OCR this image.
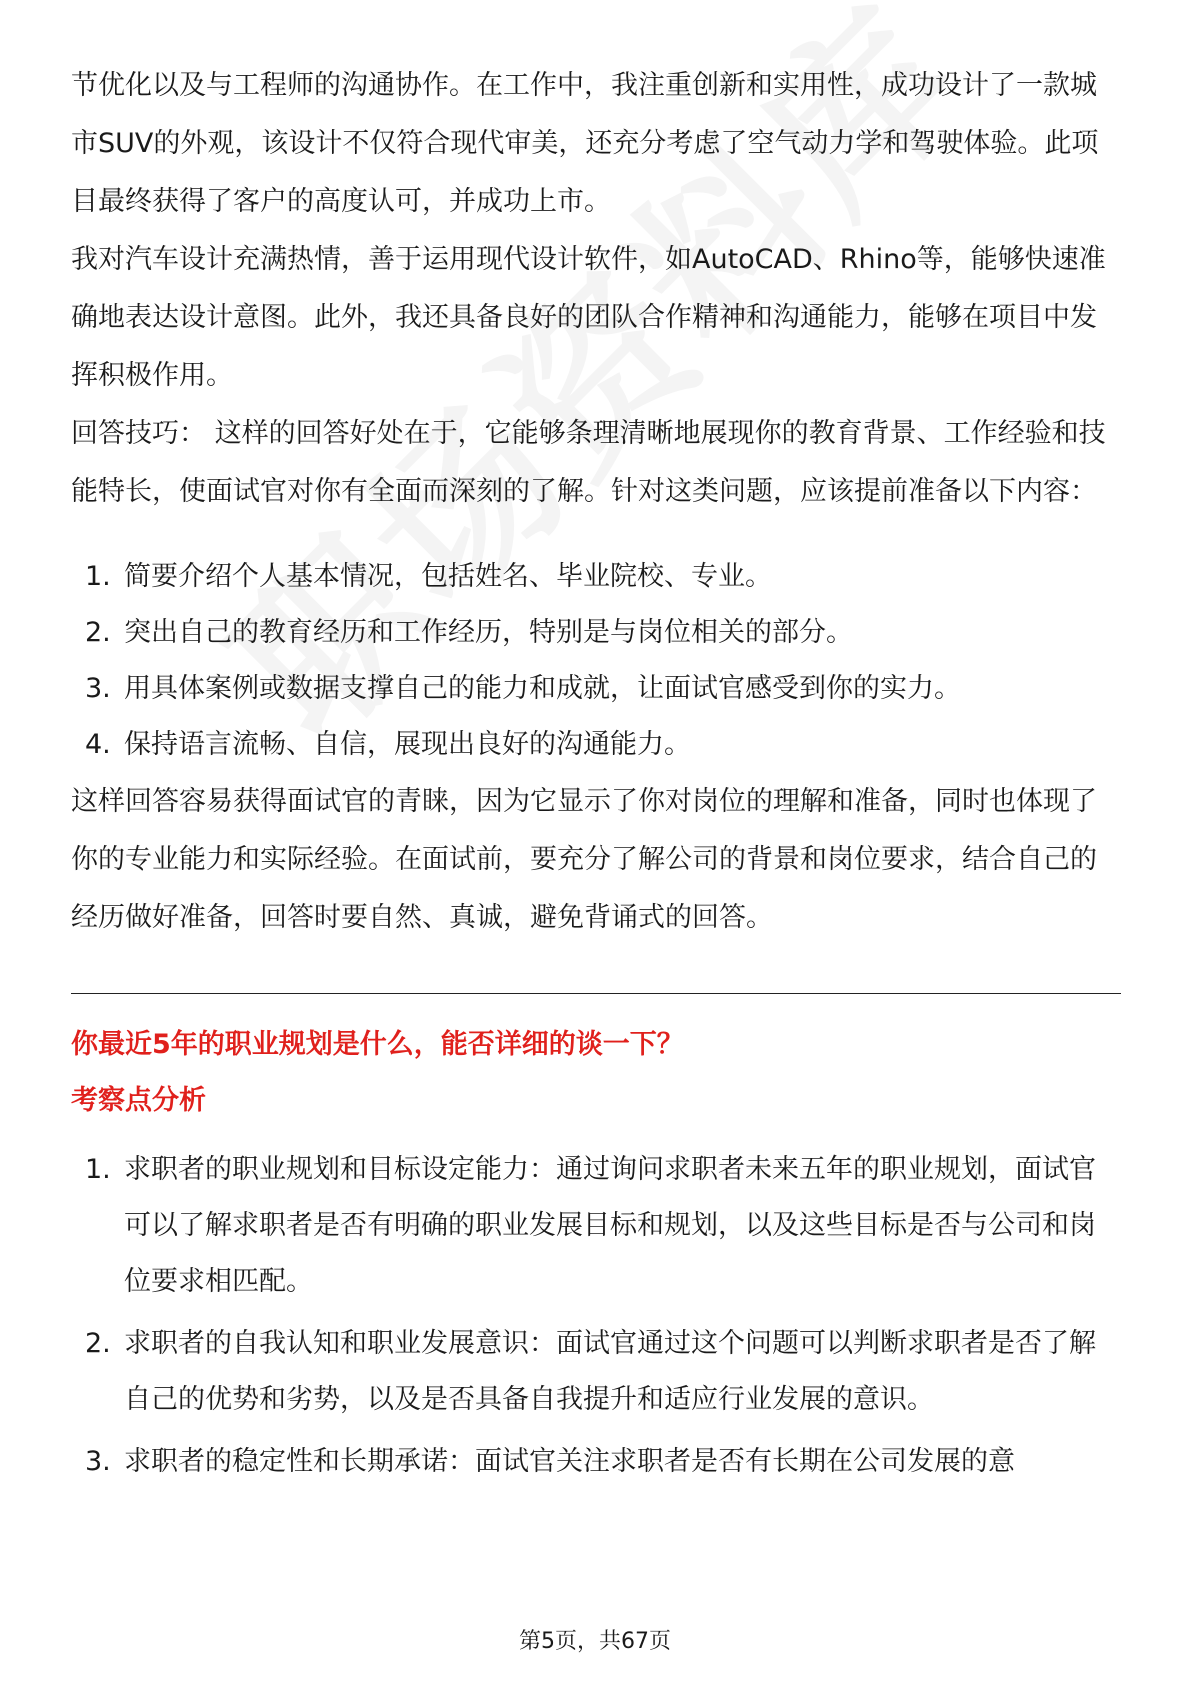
节优化以及与工程师的沟通协作。在工作中，我注重创新和实用性，成功设计了一款城市SUV的外观，该设计不仅符合现代审美，还充分考虑了空气动力学和驾驶体验。此项目最终获得了客户的高度认可，并成功上市。

我对汽车设计充满热情，善于运用现代设计软件，如AutoCAD、Rhino等，能够快速准确地表达设计意图。此外，我还具备良好的团队合作精神和沟通能力，能够在项目中发挥积极作用。

回答技巧： 这样的回答好处在于，它能够条理清晰地展现你的教育背景、工作经验和技能特长，使面试官对你有全面而深刻的了解。针对这类问题，应该提前准备以下内容：

1. 简要介绍个人基本情况，包括姓名、毕业院校、专业。
2. 突出自己的教育经历和工作经历，特别是与岗位相关的部分。
3. 用具体案例或数据支撑自己的能力和成就，让面试官感受到你的实力。
4. 保持语言流畅、自信，展现出良好的沟通能力。

这样回答容易获得面试官的青睐，因为它显示了你对岗位的理解和准备，同时也体现了你的专业能力和实际经验。在面试前，要充分了解公司的背景和岗位要求，结合自己的经历做好准备，回答时要自然、真诚，避免背诵式的回答。

你最近5年的职业规划是什么，能否详细的谈一下？
考察点分析
1. 求职者的职业规划和目标设定能力：通过询问求职者未来五年的职业规划，面试官可以了解求职者是否有明确的职业发展目标和规划，以及这些目标是否与公司和岗位要求相匹配。
2. 求职者的自我认知和职业发展意识：面试官通过这个问题可以判断求职者是否了解自己的优势和劣势，以及是否具备自我提升和适应行业发展的意识。
3. 求职者的稳定性和长期承诺：面试官关注求职者是否有长期在公司发展的意
第5页，共67页
